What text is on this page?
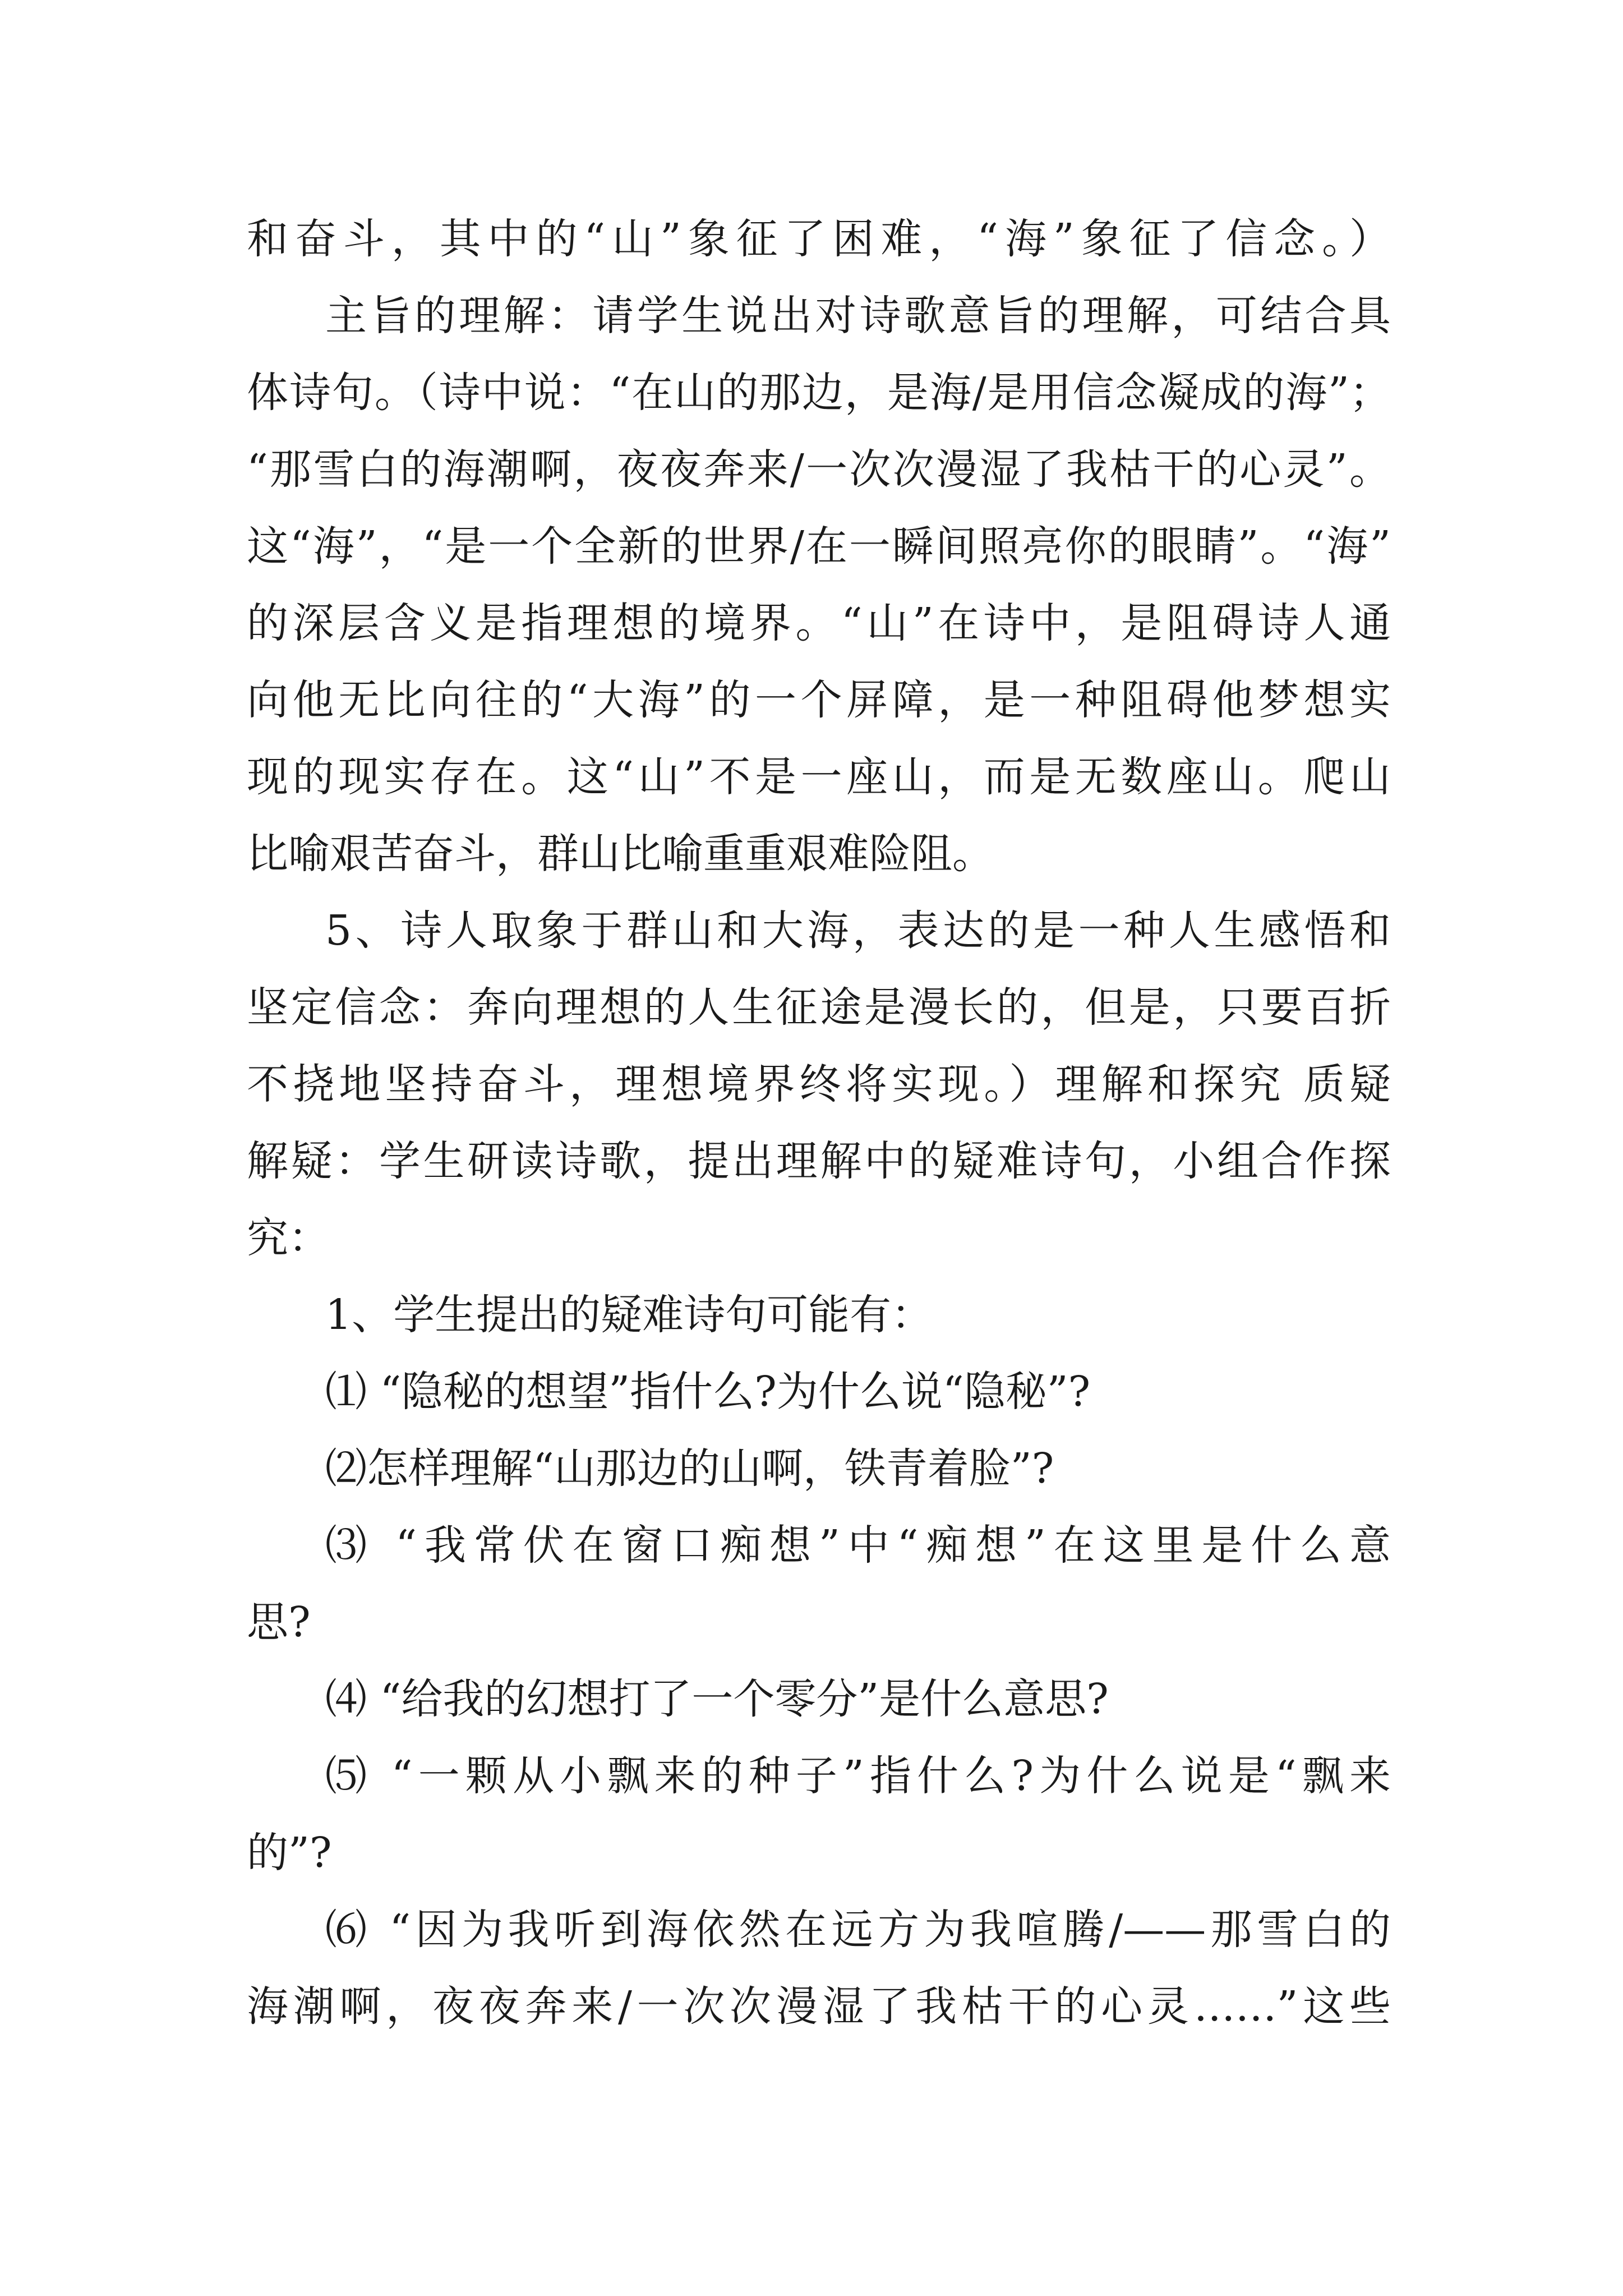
和奋斗，其中的“山”象征了困难，“海”象征了信念。）
主旨的理解：请学生说出对诗歌意旨的理解，可结合具
体诗句。（诗中说：“在山的那边，是海/是用信念凝成的海”；
“那雪白的海潮啊，夜夜奔来/一次次漫湿了我枯干的心灵”。
这“海”，“是一个全新的世界/在一瞬间照亮你的眼睛”。“海”
的深层含义是指理想的境界。“山”在诗中，是阻碍诗人通
向他无比向往的“大海”的一个屏障，是一种阻碍他梦想实
现的现实存在。这“山”不是一座山，而是无数座山。爬山
比喻艰苦奋斗，群山比喻重重艰难险阻。
5、诗人取象于群山和大海，表达的是一种人生感悟和
坚定信念：奔向理想的人生征途是漫长的，但是，只要百折
不挠地坚持奋斗，理想境界终将实现。）理解和探究 质疑
解疑：学生研读诗歌，提出理解中的疑难诗句，小组合作探
究：
1、学生提出的疑难诗句可能有：
⑴ “隐秘的想望”指什么?为什么说“隐秘”?
⑵怎样理解“山那边的山啊，铁青着脸”?
⑶ “我常伏在窗口痴想”中“痴想”在这里是什么意
思?
⑷ “给我的幻想打了一个零分”是什么意思?
⑸ “一颗从小飘来的种子”指什么?为什么说是“飘来
的”?
⑹ “因为我听到海依然在远方为我喧腾/——那雪白的
海潮啊，夜夜奔来/一次次漫湿了我枯干的心灵……”这些
